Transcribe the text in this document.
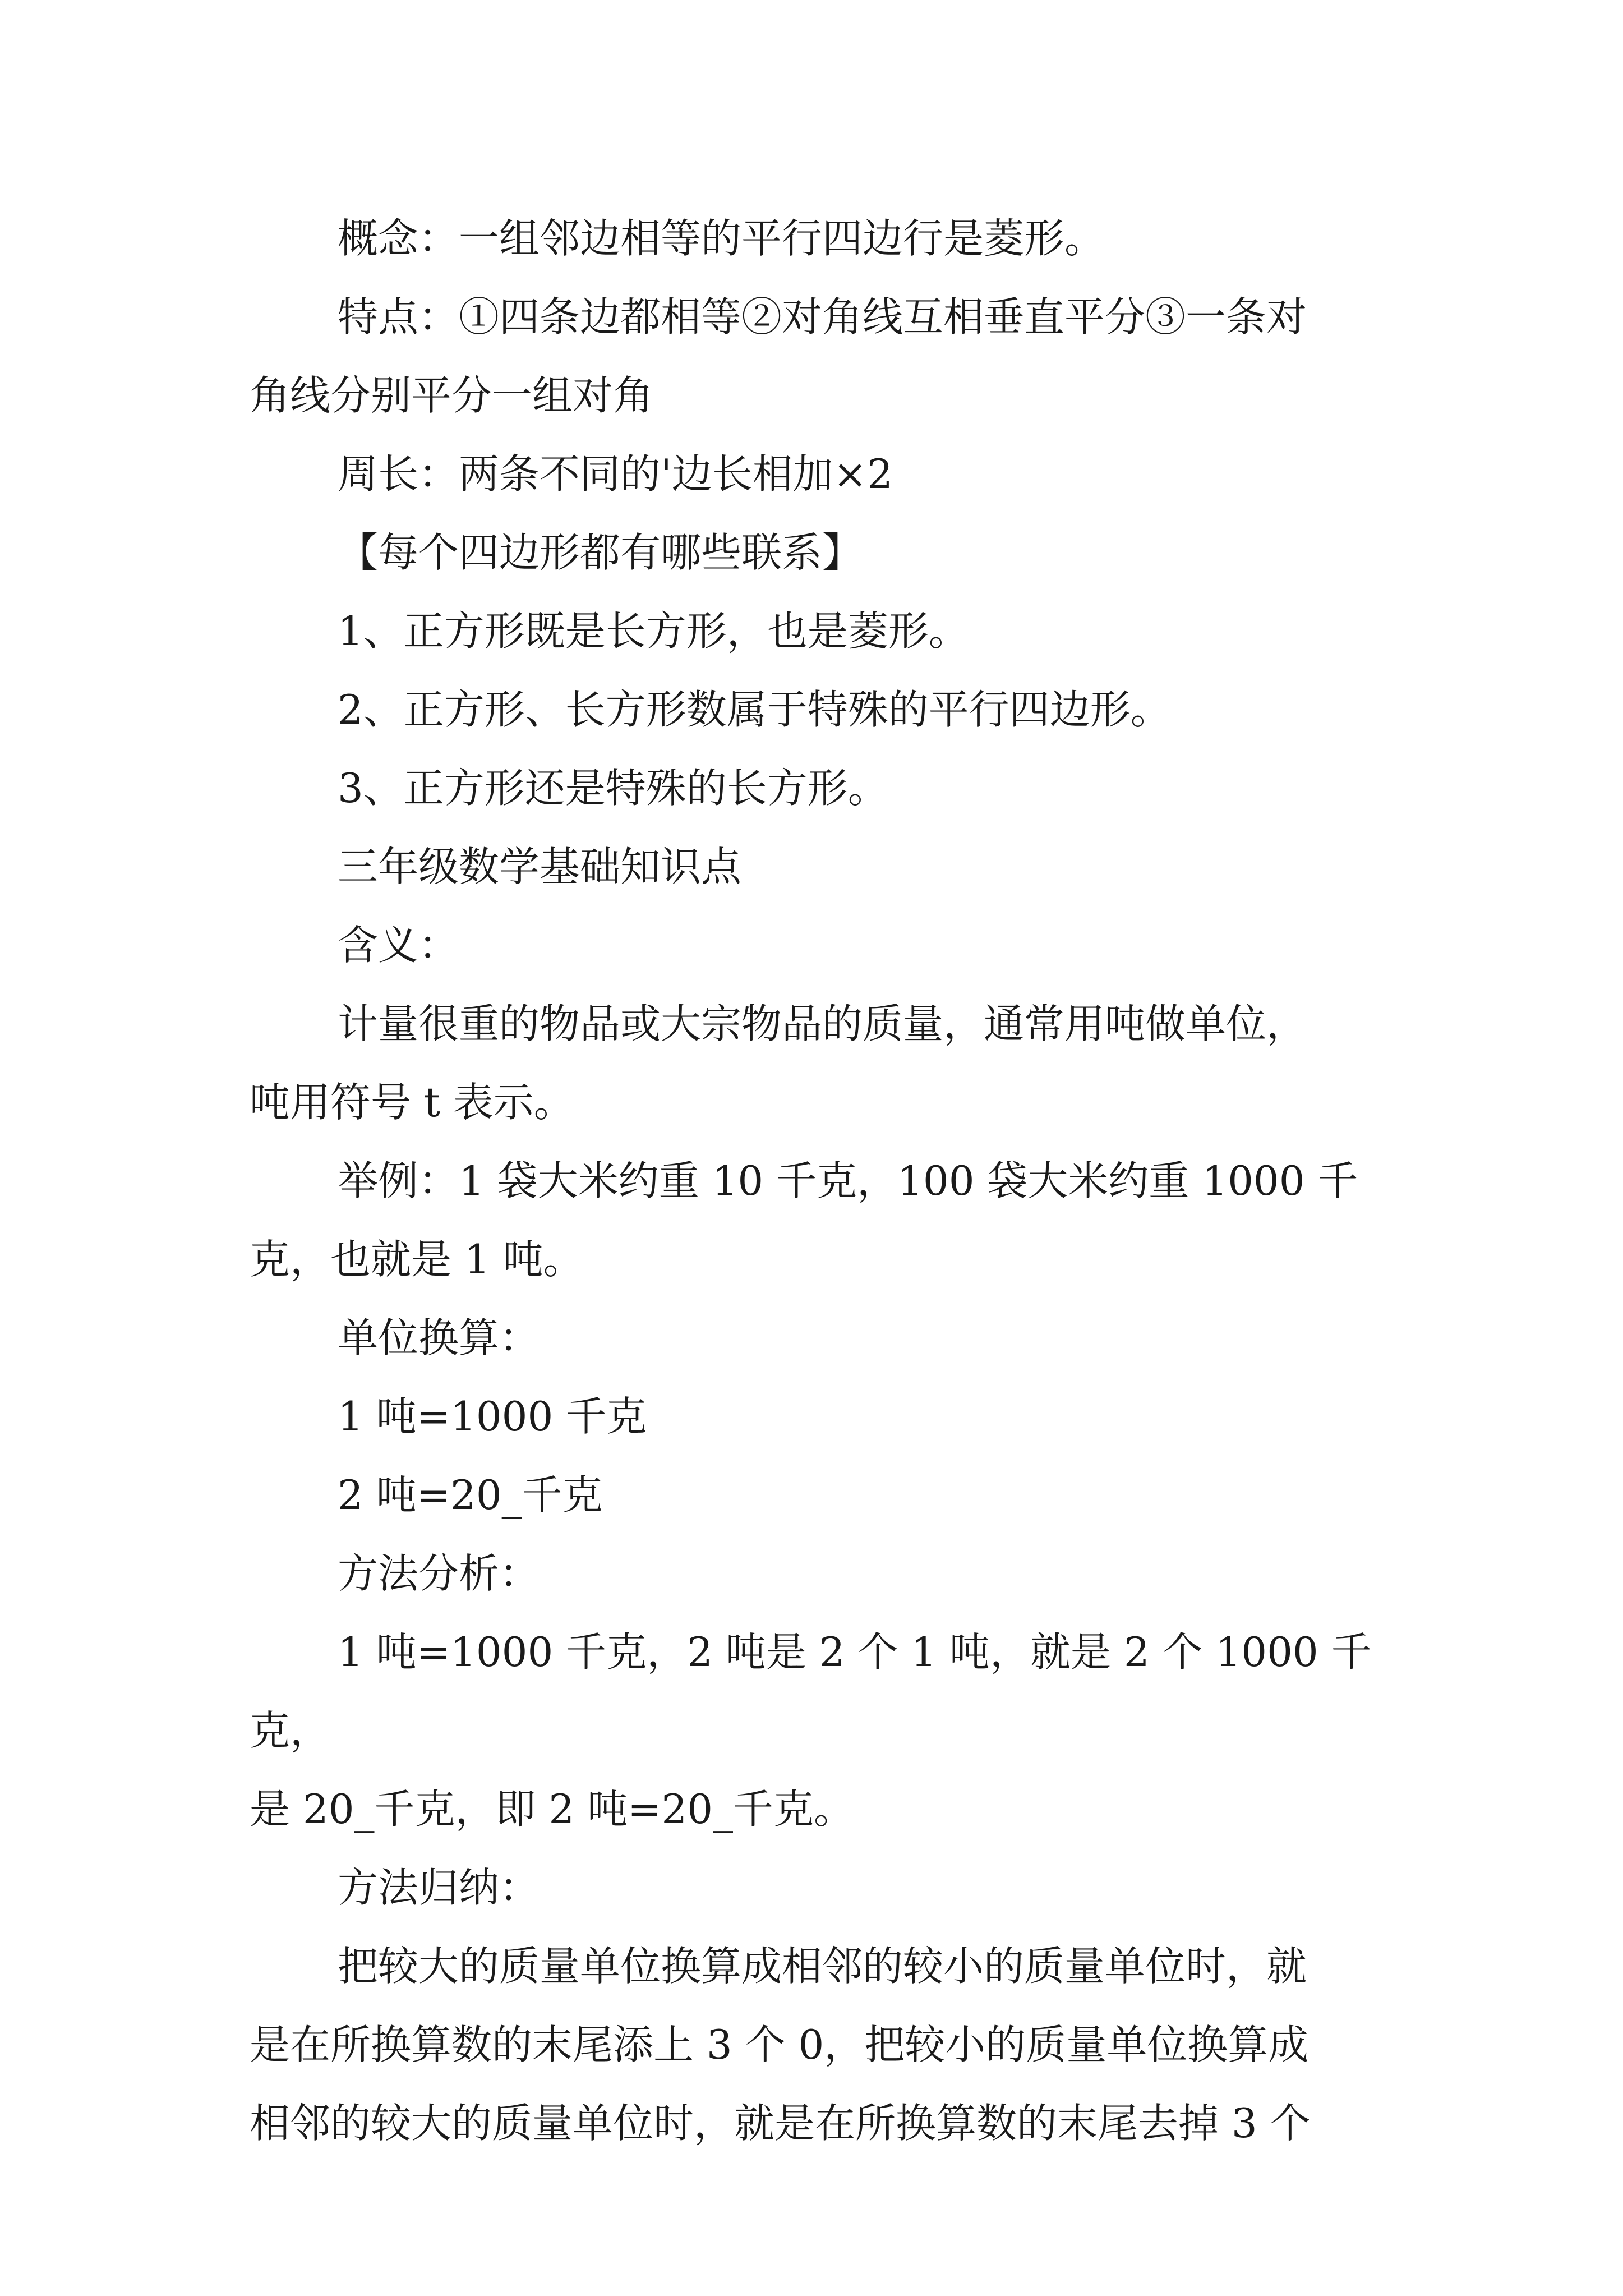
概念：一组邻边相等的平行四边行是菱形。

特点：①四条边都相等②对角线互相垂直平分③一条对
角线分别平分一组对角

周长：两条不同的'边长相加×2

【每个四边形都有哪些联系】

1、正方形既是长方形，也是菱形。

2、正方形、长方形数属于特殊的平行四边形。

3、正方形还是特殊的长方形。

三年级数学基础知识点

含义：

计量很重的物品或大宗物品的质量，通常用吨做单位，
吨用符号 t 表示。

举例：1 袋大米约重 10 千克，100 袋大米约重 1000 千
克，也就是 1 吨。

单位换算：

1 吨=1000 千克

2 吨=20_千克

方法分析：

1 吨=1000 千克，2 吨是 2 个 1 吨，就是 2 个 1000 千克，
是 20_千克，即 2 吨=20_千克。

方法归纳：

把较大的质量单位换算成相邻的较小的质量单位时，就
是在所换算数的末尾添上 3 个 0，把较小的质量单位换算成
相邻的较大的质量单位时，就是在所换算数的末尾去掉 3 个
